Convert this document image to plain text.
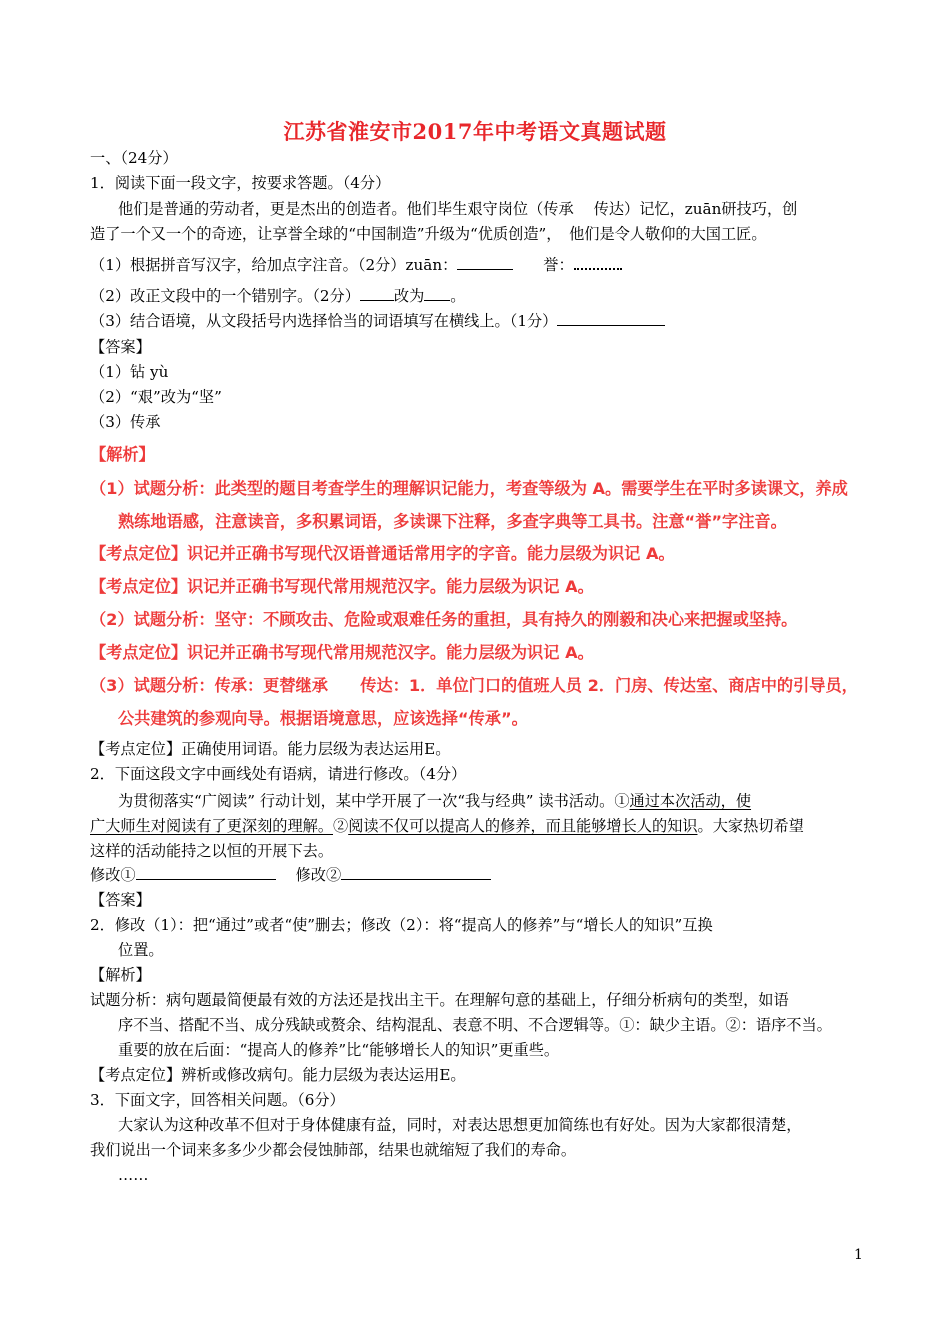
江苏省淮安市2017年中考语文真题试题
一、（24分）
1．阅读下面一段文字，按要求答题。（4分）
他们是普通的劳动者，更是杰出的创造者。他们毕生艰守岗位（传承　 传达）记忆，zuān研技巧，创
造了一个又一个的奇迹，让享誉全球的“中国制造”升级为“优质创造”，　他们是令人敬仰的大国工匠。
（1）根据拼音写汉字，给加点字注音。（2分）zuān：	誉：
（2）改正文段中的一个错别字。（2分） 改为 。
（3）结合语境，从文段括号内选择恰当的词语填写在横线上。（1分）
【答案】
（1）钻 yù
（2）“艰”改为“坚”
（3）传承
【解析】
（1）试题分析：此类型的题目考查学生的理解识记能力，考查等级为 A。需要学生在平时多读课文，养成
熟练地语感，注意读音，多积累词语，多读课下注释，多查字典等工具书。注意“誉”字注音。
【考点定位】识记并正确书写现代汉语普通话常用字的字音。能力层级为识记 A。
【考点定位】识记并正确书写现代常用规范汉字。能力层级为识记 A。
（2）试题分析：坚守：不顾攻击、危险或艰难任务的重担，具有持久的刚毅和决心来把握或坚持。
【考点定位】识记并正确书写现代常用规范汉字。能力层级为识记 A。
（3）试题分析：传承：更替继承　　传达：1．单位门口的值班人员 2．门房、传达室、商店中的引导员，
公共建筑的参观向导。根据语境意思，应该选择“传承”。
【考点定位】正确使用词语。能力层级为表达运用E。
2．下面这段文字中画线处有语病，请进行修改。（4分）
为贯彻落实“广阅读” 行动计划，某中学开展了一次“我与经典” 读书活动。①通过本次活动，使
广大师生对阅读有了更深刻的理解。②阅读不仅可以提高人的修养，而且能够增长人的知识。大家热切希望
这样的活动能持之以恒的开展下去。
修改①	修改②
【答案】
2．修改（1）：把“通过”或者“使”删去；修改（2）：将“提高人的修养”与“增长人的知识”互换
位置。
【解析】
试题分析：病句题最简便最有效的方法还是找出主干。在理解句意的基础上，仔细分析病句的类型，如语
序不当、搭配不当、成分残缺或赘余、结构混乱、表意不明、不合逻辑等。①：缺少主语。②：语序不当。
重要的放在后面：“提高人的修养”比“能够增长人的知识”更重些。
【考点定位】辨析或修改病句。能力层级为表达运用E。
3．下面文字，回答相关问题。（6分）
大家认为这种改革不但对于身体健康有益，同时，对表达思想更加简练也有好处。因为大家都很清楚，
我们说出一个词来多多少少都会侵蚀肺部，结果也就缩短了我们的寿命。
……
1
